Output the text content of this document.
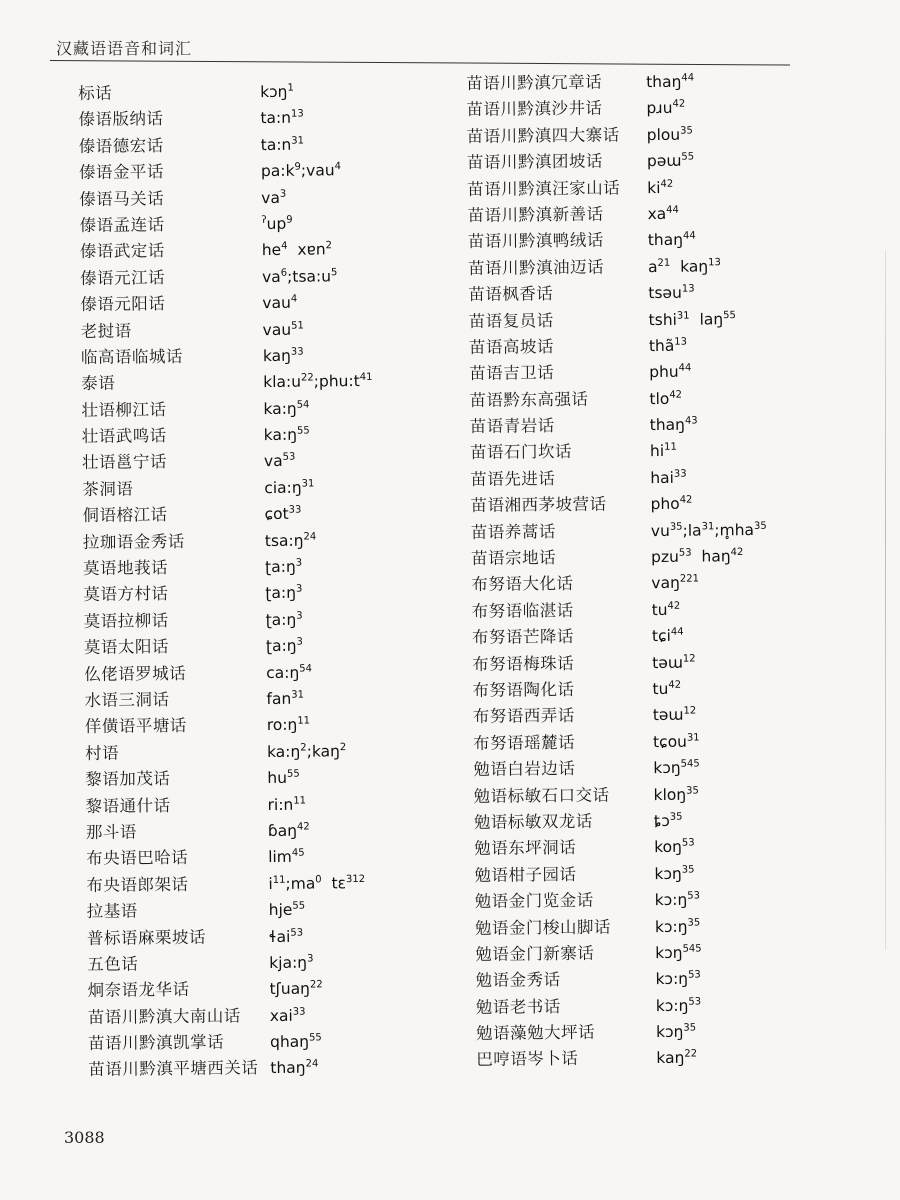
汉藏语语音和词汇
标话	kɔŋ$^1$
傣语版纳话	$ta:n^{13}$
傣语德宏话	$ta:n^{31}$
傣语金平话	$pa:k^9;vau^4$
傣语马关话	$va^3$
傣语孟连话	$^ʔup^9$
傣语武定话	$he^4$  xɐn$^2$
傣语元江话	$va^6;tsa:u^5$
傣语元阳话	vau$^4$
老挝语	vau$^{51}$
临高语临城话	kaŋ$^{33}$
泰语	$kla:u^{22};phu:t^{41}$
壮语柳江话	$ka:ŋ^{54}$
壮语武鸣话	$ka:ŋ^{55}$
壮语邕宁话	$va^{53}$
茶洞语	$cia:ŋ^{31}$
侗语榕江话	ɕot$^{33}$
拉珈语金秀话	$tsa:ŋ^{24}$
莫语地莪话	$ʈa:ŋ^3$
莫语方村话	$ʈa:ŋ^3$
莫语拉柳话	$ʈa:ŋ^3$
莫语太阳话	$ʈa:ŋ^3$
仫佬语罗城话	$ca:ŋ^{54}$
水语三洞话	fan$^{31}$
佯僙语平塘话	$ro:ŋ^{11}$
村语	$ka:ŋ^2;kaŋ^2$
黎语加茂话	$hu^{55}$
黎语通什话	$ri:n^{11}$
那斗语	ɓaŋ$^{42}$
布央语巴哈话	$\lim^{45}$
布央语郎架话	$i^{11};ma^0$  tɛ$^{312}$
拉基语	hje$^{55}$
普标语麻栗坡话	ɬai$^{53}$
五色话	$kja:ŋ^3$
炯奈语龙华话	tʃuaŋ$^{22}$
苗语川黔滇大南山话	xai$^{33}$
苗语川黔滇凯掌话	qhaŋ$^{55}$
苗语川黔滇平塘西关话 thaŋ$^{24}$
苗语川黔滇冗章话	thaŋ$^{44}$
苗语川黔滇沙井话	pɹu$^{42}$
苗语川黔滇四大寨话	plou$^{35}$
苗语川黔滇团坡话	pəɯ$^{55}$
苗语川黔滇汪家山话	$ki^{42}$
苗语川黔滇新善话	$xa^{44}$
苗语川黔滇鸭绒话	thaŋ$^{44}$
苗语川黔滇油迈话	$a^{21}$  kaŋ$^{13}$
苗语枫香话	tsəu$^{13}$
苗语复员话	tshi$^{31}$  laŋ$^{55}$
苗语高坡话	thã$^{13}$
苗语吉卫话	phu$^{44}$
苗语黔东高强话	tlo$^{42}$
苗语青岩话	thaŋ$^{43}$
苗语石门坎话	$hi^{11}$
苗语先进话	hai$^{33}$
苗语湘西茅坡营话	pho$^{42}$
苗语养蒿话	$vu^{35};la^{31};m̥ha^{35}$
苗语宗地话	pzu$^{53}$  haŋ$^{42}$
布努语大化话	vaŋ$^{221}$
布努语临湛话	$tu^{42}$
布努语芒降话	tɕi$^{44}$
布努语梅珠话	təɯ$^{12}$
布努语陶化话	$tu^{42}$
布努语西弄话	təɯ$^{12}$
布努语瑶麓话	tɕou$^{31}$
勉语白岩边话	kɔŋ$^{545}$
勉语标敏石口交话	kloŋ$^{35}$
勉语标敏双龙话	ȶɔ$^{35}$
勉语东坪洞话	koŋ$^{53}$
勉语柑子园话	kɔŋ$^{35}$
勉语金门览金话	$kɔ:ŋ^{53}$
勉语金门梭山脚话	$kɔ:ŋ^{35}$
勉语金门新寨话	kɔŋ$^{545}$
勉语金秀话	$kɔ:ŋ^{53}$
勉语老书话	$kɔ:ŋ^{53}$
勉语藻勉大坪话	kɔŋ$^{35}$
巴哼语岑卜话	kaŋ$^{22}$
3088
